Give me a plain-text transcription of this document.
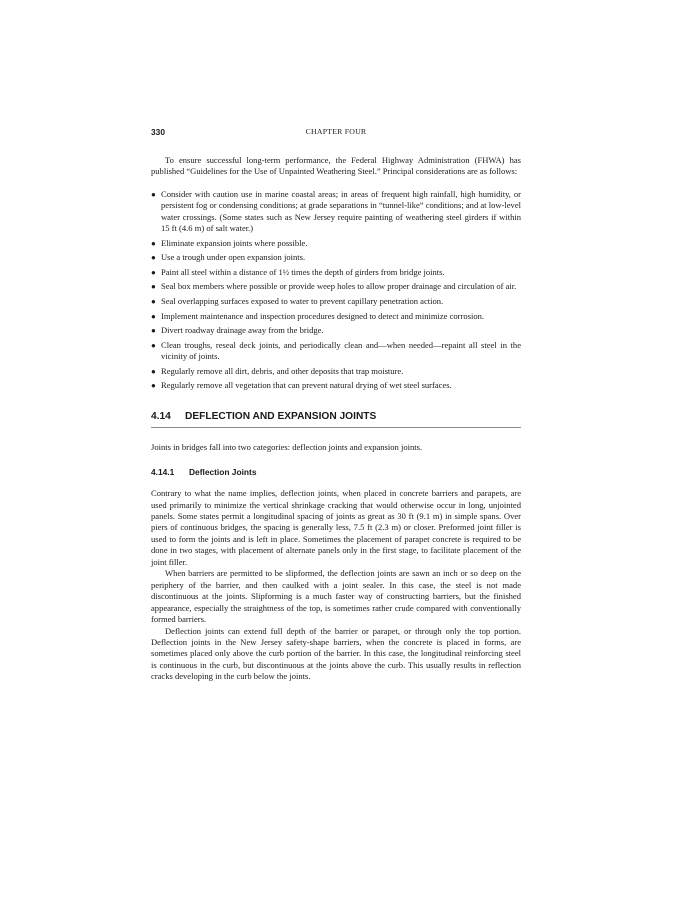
330	CHAPTER FOUR

To ensure successful long-term performance, the Federal Highway Administration (FHWA) has published “Guidelines for the Use of Unpainted Weathering Steel.” Principal considerations are as follows:

● Consider with caution use in marine coastal areas; in areas of frequent high rainfall, high humidity, or persistent fog or condensing conditions; at grade separations in “tunnel-like” conditions; and at low-level water crossings. (Some states such as New Jersey require painting of weathering steel girders if within 15 ft (4.6 m) of salt water.)
● Eliminate expansion joints where possible.
● Use a trough under open expansion joints.
● Paint all steel within a distance of 1½ times the depth of girders from bridge joints.
● Seal box members where possible or provide weep holes to allow proper drainage and circulation of air.
● Seal overlapping surfaces exposed to water to prevent capillary penetration action.
● Implement maintenance and inspection procedures designed to detect and minimize corrosion.
● Divert roadway drainage away from the bridge.
● Clean troughs, reseal deck joints, and periodically clean and—when needed—repaint all steel in the vicinity of joints.
● Regularly remove all dirt, debris, and other deposits that trap moisture.
● Regularly remove all vegetation that can prevent natural drying of wet steel surfaces.
4.14 DEFLECTION AND EXPANSION JOINTS

Joints in bridges fall into two categories: deflection joints and expansion joints.

4.14.1 Deflection Joints

Contrary to what the name implies, deflection joints, when placed in concrete barriers and parapets, are used primarily to minimize the vertical shrinkage cracking that would otherwise occur in long, unjointed panels. Some states permit a longitudinal spacing of joints as great as 30 ft (9.1 m) in simple spans. Over piers of continuous bridges, the spacing is generally less, 7.5 ft (2.3 m) or closer. Preformed joint filler is used to form the joints and is left in place. Sometimes the placement of parapet concrete is required to be done in two stages, with placement of alternate panels only in the first stage, to facilitate placement of the joint filler.

When barriers are permitted to be slipformed, the deflection joints are sawn an inch or so deep on the periphery of the barrier, and then caulked with a joint sealer. In this case, the steel is not made discontinuous at the joints. Slipforming is a much faster way of constructing barriers, but the finished appearance, especially the straightness of the top, is sometimes rather crude compared with conventionally formed barriers.

Deflection joints can extend full depth of the barrier or parapet, or through only the top portion. Deflection joints in the New Jersey safety-shape barriers, when the concrete is placed in forms, are sometimes placed only above the curb portion of the barrier. In this case, the longitudinal reinforcing steel is continuous in the curb, but discontinuous at the joints above the curb. This usually results in reflection cracks developing in the curb below the joints.
